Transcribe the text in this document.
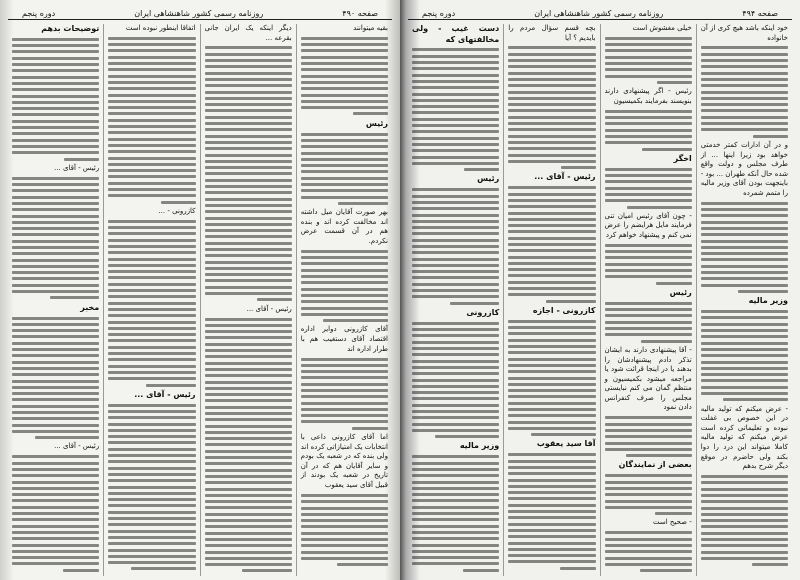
صفحه ۴۹۰
روزنامه رسمی کشور شاهنشاهی ایران
دوره پنجم

بقیه میتوانند

رئیس

بهر صورت آقایان میل داشته اند مخالفت کرده اند و بنده هم در آن قسمت عرض نکردم.

آقای کازرونی دوایر اداره اقتصاد آقای دستغیب هم با طرار اداره اند

اما آقای کازرونی داعی با انتخابات یک امتیازاتی کرده اند ولی بنده که در شعبه یک بودم و سایر آقایان هم که در آن تاریخ در شعبه یک بودند از قبیل آقای سید یعقوب

دیگر اینکه یک ایران جانی بقرعه ...

رئیس - آقای ...

اتفاقا اینطور نبوده است

کازرونی - ...

رئیس - آقای ...

توضیحات بدهم

رئیس - آقای ...

مخبر

رئیس - آقای ...

صفحه ۴۹۴
روزنامه رسمی کشور شاهنشاهی ایران
دوره پنجم

خود اینکه باشد هیچ کری از آن خانواده

و در آن ادارات کمتر خدمتی خواهد بود زیرا اینها ... از طرف مجلس و دولت واقع شده حال آنکه طهران ... بود - باینجهت بودن آقای وزیر مالیه را متمم شمرده

وزیر مالیه

- عرض میکنم که تولید مالیه در این خصوص بی غفلت نبوده و تعلیماتی کرده است عرض میکنم که تولید مالیه کاملا میتواند این درد را دوا بکند ولی حاضرم در موقع دیگر شرح بدهم

خیلی مغشوش است

رئیس - اگر پیشنهادی دارند بنویسند بفرمایند بکمیسیون

اخگر

- چون آقای رئیس امیان تنی فرمایند مایل هرایضم را عرض نمی کنم و پیشنهاد خواهم کرد

رئیس

- آقا پیشنهادی دارند به ایشان تذکر دادم پیشنهادشان را بدهند یا در اینجا قرائت شود یا مراجعه میشود بکمیسیون و منتظم گمان می کنم نبایستی مجلس را صرف کنفرانس دادن نمود

بعضی از نمایندگان

- صحیح است

بچه قسم سؤال مردم را بایدیم ؟ آیا

رئیس - آقای ...

کازرونی - اجازه

آقا سید یعقوب

دست غیب - ولی مخالفتهای که

رئیس

کازرونی

وزیر مالیه
